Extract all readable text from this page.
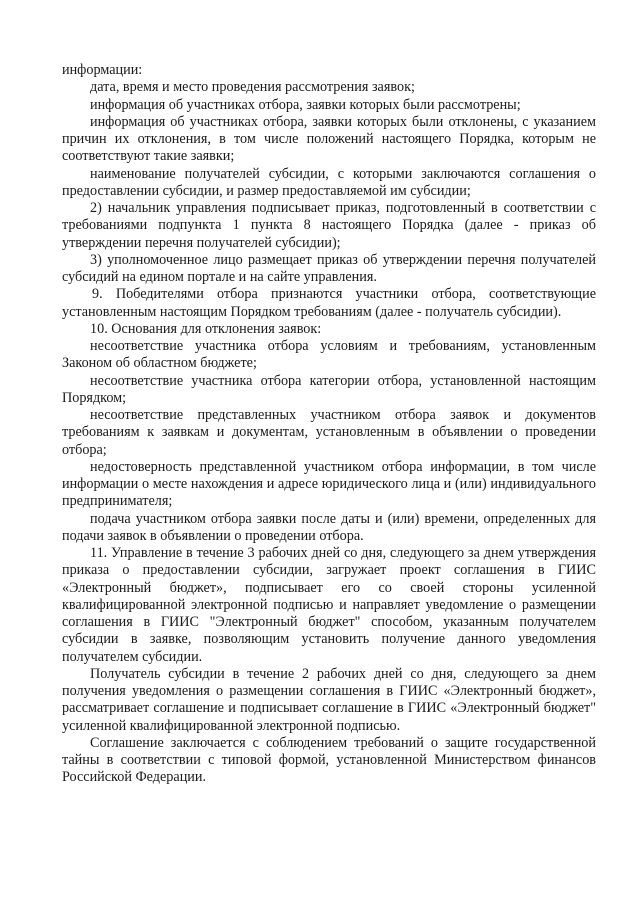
информации:

дата, время и место проведения рассмотрения заявок;

информация об участниках отбора, заявки которых были рассмотрены;

информация об участниках отбора, заявки которых были отклонены, с указанием причин их отклонения, в том числе положений настоящего Порядка, которым не соответствуют такие заявки;

наименование получателей субсидии, с которыми заключаются соглашения о предоставлении субсидии, и размер предоставляемой им субсидии;

2) начальник управления подписывает приказ, подготовленный в соответствии с требованиями подпункта 1 пункта 8 настоящего Порядка (далее - приказ об утверждении перечня получателей субсидии);

3) уполномоченное лицо размещает приказ об утверждении перечня получателей субсидий на едином портале и на сайте управления.

9. Победителями отбора признаются участники отбора, соответствующие установленным настоящим Порядком требованиям (далее - получатель субсидии).

10. Основания для отклонения заявок:

несоответствие участника отбора условиям и требованиям, установленным Законом об областном бюджете;

несоответствие участника отбора категории отбора, установленной настоящим Порядком;

несоответствие представленных участником отбора заявок и документов требованиям к заявкам и документам, установленным в объявлении о проведении отбора;

недостоверность представленной участником отбора информации, в том числе информации о месте нахождения и адресе юридического лица и (или) индивидуального предпринимателя;

подача участником отбора заявки после даты и (или) времени, определенных для подачи заявок в объявлении о проведении отбора.

11. Управление в течение 3 рабочих дней со дня, следующего за днем утверждения приказа о предоставлении субсидии, загружает проект соглашения в ГИИС «Электронный бюджет», подписывает его со своей стороны усиленной квалифицированной электронной подписью и направляет уведомление о размещении соглашения в ГИИС "Электронный бюджет" способом, указанным получателем субсидии в заявке, позволяющим установить получение данного уведомления получателем субсидии.

Получатель субсидии в течение 2 рабочих дней со дня, следующего за днем получения уведомления о размещении соглашения в ГИИС «Электронный бюджет», рассматривает соглашение и подписывает соглашение в ГИИС «Электронный бюджет" усиленной квалифицированной электронной подписью.

Соглашение заключается с соблюдением требований о защите государственной тайны в соответствии с типовой формой, установленной Министерством финансов Российской Федерации.
